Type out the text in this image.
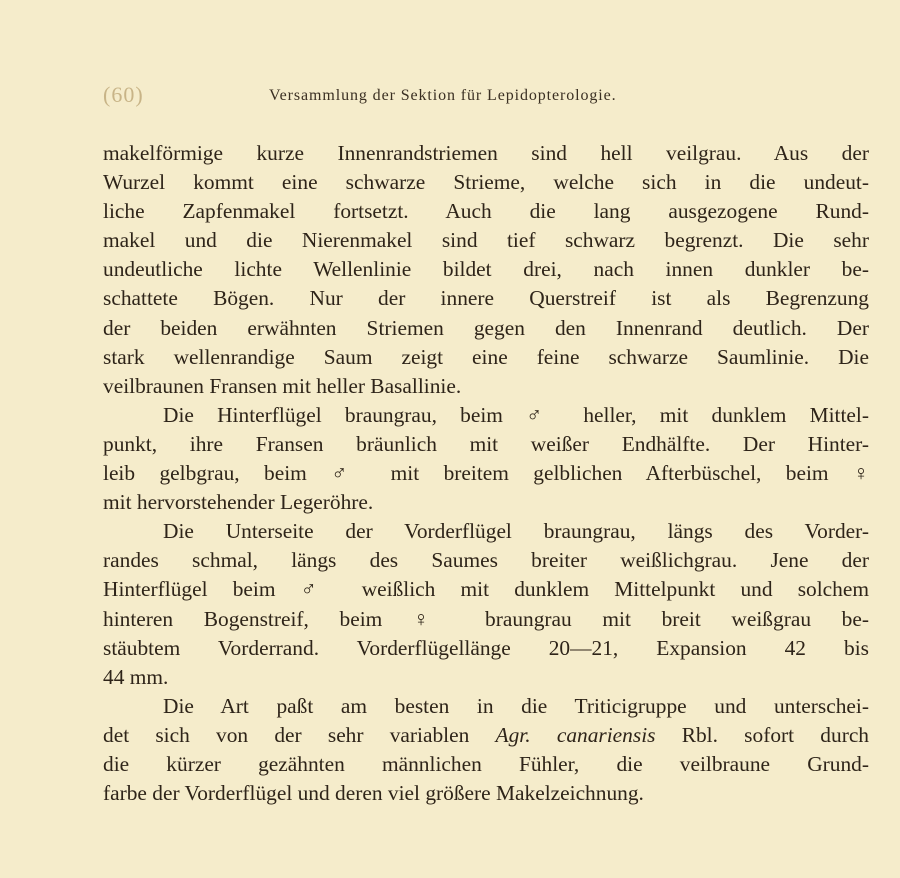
(60)	Versammlung der Sektion für Lepidopterologie.
makelförmige kurze Innenrandstriemen sind hell veilgrau. Aus der
Wurzel kommt eine schwarze Strieme, welche sich in die undeut-
liche Zapfenmakel fortsetzt. Auch die lang ausgezogene Rund-
makel und die Nierenmakel sind tief schwarz begrenzt. Die sehr
undeutliche lichte Wellenlinie bildet drei, nach innen dunkler be-
schattete Bögen. Nur der innere Querstreif ist als Begrenzung
der beiden erwähnten Striemen gegen den Innenrand deutlich. Der
stark wellenrandige Saum zeigt eine feine schwarze Saumlinie. Die
veilbraunen Fransen mit heller Basallinie.
Die Hinterflügel braungrau, beim ♂ heller, mit dunklem Mittel-
punkt, ihre Fransen bräunlich mit weißer Endhälfte. Der Hinter-
leib gelbgrau, beim ♂ mit breitem gelblichen Afterbüschel, beim ♀
mit hervorstehender Legeröhre.
Die Unterseite der Vorderflügel braungrau, längs des Vorder-
randes schmal, längs des Saumes breiter weißlichgrau. Jene der
Hinterflügel beim ♂ weißlich mit dunklem Mittelpunkt und solchem
hinteren Bogenstreif, beim ♀ braungrau mit breit weißgrau be-
stäubtem Vorderrand. Vorderflügellänge 20—21, Expansion 42 bis
44 mm.
Die Art paßt am besten in die Triticigruppe und unterschei-
det sich von der sehr variablen Agr. canariensis Rbl. sofort durch
die kürzer gezähnten männlichen Fühler, die veilbraune Grund-
farbe der Vorderflügel und deren viel größere Makelzeichnung.
